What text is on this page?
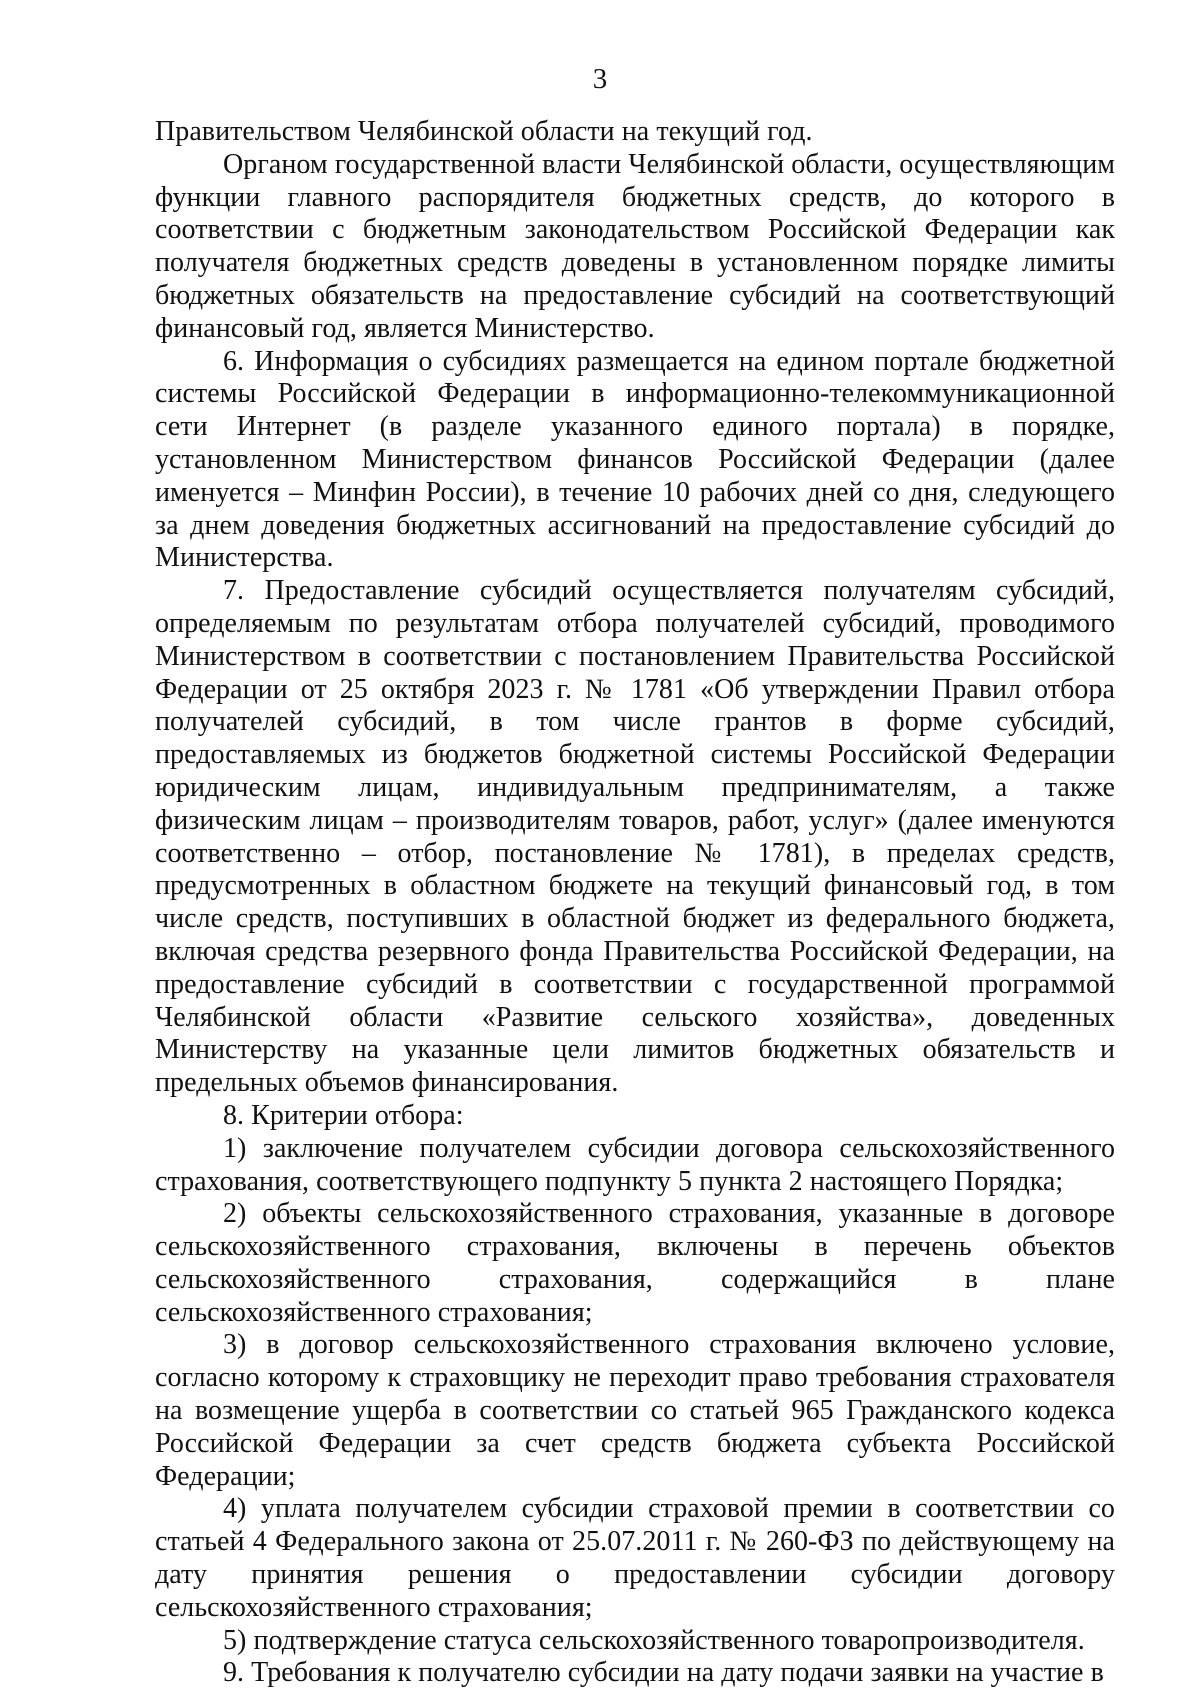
3

Правительством Челябинской области на текущий год.

Органом государственной власти Челябинской области, осуществляющим функции главного распорядителя бюджетных средств, до которого в соответствии с бюджетным законодательством Российской Федерации как получателя бюджетных средств доведены в установленном порядке лимиты бюджетных обязательств на предоставление субсидий на соответствующий финансовый год, является Министерство.

6. Информация о субсидиях размещается на едином портале бюджетной системы Российской Федерации в информационно-телекоммуникационной сети Интернет (в разделе указанного единого портала) в порядке, установленном Министерством финансов Российской Федерации (далее именуется – Минфин России), в течение 10 рабочих дней со дня, следующего за днем доведения бюджетных ассигнований на предоставление субсидий до Министерства.

7. Предоставление субсидий осуществляется получателям субсидий, определяемым по результатам отбора получателей субсидий, проводимого Министерством в соответствии с постановлением Правительства Российской Федерации от 25 октября 2023 г. № 1781 «Об утверждении Правил отбора получателей субсидий, в том числе грантов в форме субсидий, предоставляемых из бюджетов бюджетной системы Российской Федерации юридическим лицам, индивидуальным предпринимателям, а также физическим лицам – производителям товаров, работ, услуг» (далее именуются соответственно – отбор, постановление № 1781), в пределах средств, предусмотренных в областном бюджете на текущий финансовый год, в том числе средств, поступивших в областной бюджет из федерального бюджета, включая средства резервного фонда Правительства Российской Федерации, на предоставление субсидий в соответствии с государственной программой Челябинской области «Развитие сельского хозяйства», доведенных Министерству на указанные цели лимитов бюджетных обязательств и предельных объемов финансирования.

8. Критерии отбора:

1) заключение получателем субсидии договора сельскохозяйственного страхования, соответствующего подпункту 5 пункта 2 настоящего Порядка;

2) объекты сельскохозяйственного страхования, указанные в договоре сельскохозяйственного страхования, включены в перечень объектов сельскохозяйственного страхования, содержащийся в плане сельскохозяйственного страхования;

3) в договор сельскохозяйственного страхования включено условие, согласно которому к страховщику не переходит право требования страхователя на возмещение ущерба в соответствии со статьей 965 Гражданского кодекса Российской Федерации за счет средств бюджета субъекта Российской Федерации;

4) уплата получателем субсидии страховой премии в соответствии со статьей 4 Федерального закона от 25.07.2011 г. № 260-ФЗ по действующему на дату принятия решения о предоставлении субсидии договору сельскохозяйственного страхования;

5) подтверждение статуса сельскохозяйственного товаропроизводителя.

9. Требования к получателю субсидии на дату подачи заявки на участие в
